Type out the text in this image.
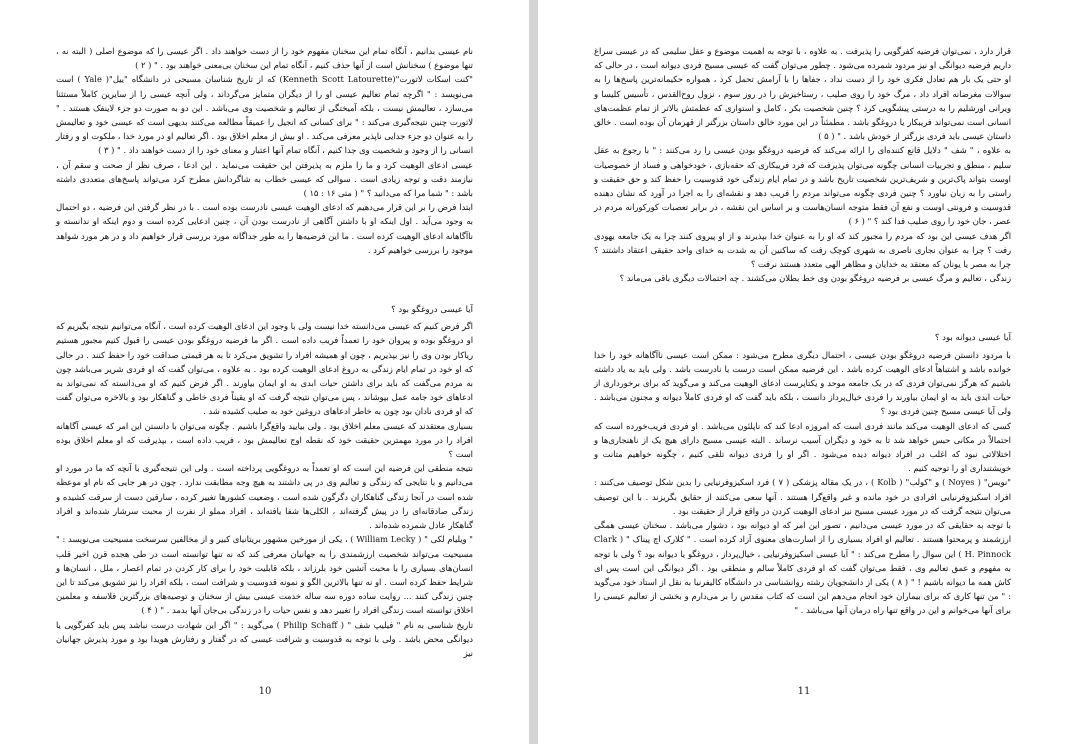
نام عیسی بدانیم ، آنگاه تمام این سخنان مفهوم خود را از دست خواهند داد . اگر عیسی را که موضوع اصلی ( البته نه ، تنها موضوع ) سخنانش است از آنها حذف کنیم ، آنگاه تمام این سخنان بی‌معنی خواهند بود . " ( ۲ )

"کنت اسکات لاتورت"(Kenneth Scott Latourette) که از تاریخ شناسان مسیحی در دانشگاه "ییل"( Yale ) است می‌نویسد : " اگرچه تمام تعالیم عیسی او را از دیگران متمایز می‌گرداند ، ولی آنچه عیسی را از سایرین کاملاً مستثنا می‌سازد ، تعالیمش نیست ، بلکه آمیختگی از تعالیم و شخصیت وی می‌باشد . این دو به صورت دو جزء لاینفک هستند . " لاتورت چنین نتیجه‌گیری می‌کند : " برای کسانی که انجیل را عمیقاً مطالعه می‌کنند بدیهی است که عیسی خود و تعالیمش را به عنوان دو جزء جدایی ناپذیر معرفی می‌کند . او بیش از معلم اخلاق بود . اگر تعالیم او در مورد خدا ، ملکوت او و رفتار انسانی را از وجود و شخصیت وی جدا کنیم ، آنگاه تمام آنها اعتبار و معنای خود را از دست خواهند داد . " ( ۳ )

عیسی ادعای الوهیت کرد و ما را ملزم به پذیرفتن این حقیقت می‌نماید . این ادعا ، صرف نظر از صحت و سقم آن ، نیازمند دقت و توجه زیادی است . سوالی که عیسی خطاب به شاگردانش مطرح کرد می‌تواند پاسخ‌های متعددی داشته باشد : " شما مرا که می‌دانید ؟ " ( متی ۱۶ : ۱۵ )

ابتدا فرض را بر این قرار می‌دهیم که ادعای الوهیت عیسی نادرست بوده است . با در نظر گرفتن این فرضیه ، دو احتمال به وجود می‌آید . اول اینکه او با داشتن آگاهی از نادرست بودن آن ، چنین ادعایی کرده است و دوم اینکه او ندانسته و ناآگاهانه ادعای الوهیت کرده است . ما این فرضیه‌ها را به طور جداگانه مورد بررسی قرار خواهیم داد و در هر مورد شواهد موجود را بررسی خواهیم کرد .

آیا عیسی دروغگو بود ؟

اگر فرض کنیم که عیسی می‌دانسته خدا نیست ولی با وجود این ادعای الوهیت کرده است ، آنگاه می‌توانیم نتیجه بگیریم که او دروغگو بوده و پیروان خود را تعمداً فریب داده است . اگر ما فرضیه دروغگو بودن عیسی را قبول کنیم مجبور هستیم ریاکار بودن وی را نیز بپذیریم ، چون او همیشه افراد را تشویق می‌کرد تا به هر قیمتی صداقت خود را حفظ کنند . در حالی که او خود در تمام ایام زندگی به دروغ ادعای الوهیت کرده بود . به علاوه ، می‌توان گفت که او فردی شریر می‌باشد چون به مردم می‌گفت که باید برای داشتن حیات ابدی به او ایمان بیاورند . اگر فرض کنیم که او می‌دانسته که نمی‌تواند به ادعاهای خود جامه عمل بپوشاند ، پس می‌توان نتیجه گرفت که او یقیناً فردی خاطی و گناهکار بود و بالاخره می‌توان گفت که او فردی نادان بود چون به خاطر ادعاهای دروغین خود به صلیب کشیده شد .

بسیاری معتقدند که عیسی معلم اخلاق بود . ولی بیایید واقع‌گرا باشیم . چگونه می‌توان با دانستن این امر که عیسی آگاهانه افراد را در مورد مهمترین حقیقت خود که نقطه اوج تعالیمش بود ، فریب داده است ، بپذیرفت که او معلم اخلاق بوده است ؟

نتیجه منطقی این فرضیه این است که او تعمداً به دروغگویی پرداخته است . ولی این نتیجه‌گیری با آنچه که ما در مورد او می‌دانیم و با نتایجی که زندگی و تعالیم وی در پی داشتند به هیچ وجه مطابقت ندارد . چون در هر جایی که نام او موعظه شده است در آنجا زندگی گناهکاران دگرگون شده است ، وضعیت کشورها تغییر کرده ، سارقین دست از سرقت کشیده و زندگی صادقانه‌ای را در پیش گرفته‌اند ، الکلی‌ها شفا یافته‌اند ، افراد مملو از نفرت از محبت سرشار شده‌اند و افراد گناهکار عادل شمرده شده‌اند .

" ویلیام لکی " ( William Lecky ) ، یکی از مورخین مشهور بریتانیای کبیر و از مخالفین سرسخت مسیحیت می‌نویسد : " مسیحیت می‌تواند شخصیت ارزشمندی را به جهانیان معرفی کند که نه تنها توانسته است در طی هجده قرن اخیر قلب انسان‌های بسیاری را با محبت آتشین خود بلرزاند ، بلکه قابلیت خود را برای کار کردن در تمام اعصار ، ملل ، انسان‌ها و شرایط حفظ کرده است . او نه تنها بالاترین الگو و نمونه قدوسیت و شرافت است ، بلکه افراد را نیز تشویق می‌کند تا این چنین زندگی کنند ... روایت ساده دوره سه ساله خدمت عیسی بیش از سخنان و توصیه‌های بزرگترین فلاسفه و معلمین اخلاق توانسته است زندگی افراد را تغییر دهد و نفس حیات را در زندگی بی‌جان آنها بدمد . " ( ۴ )

تاریخ شناسی به نام " فیلیپ شف " ( Philip Schaff ) می‌گوید : " اگر این شهادت درست نباشد پس باید کفرگویی یا دیوانگی محض باشد . ولی با توجه به قدوسیت و شرافت عیسی که در گفتار و رفتارش هویدا بود و مورد پذیرش جهانیان نیز

10

قرار دارد ، نمی‌توان فرضیه کفرگویی را پذیرفت . به علاوه ، با توجه به اهمیت موضوع و عقل سلیمی که در عیسی سراغ داریم فرضیه دیوانگی او نیز مردود شمرده می‌شود . چطور می‌توان گفت که عیسی مسیح فردی دیوانه است ، در حالی که او حتی یک بار هم تعادل فکری خود را از دست نداد ، جفاها را با آرامش تحمل کرد ، همواره حکیمانه‌ترین پاسخ‌ها را به سوالات مغرضانه افراد داد ، مرگ خود را روی صلیب ، رستاخیزش را در روز سوم ، نزول روح‌القدس ، تأسیس کلیسا و ویرانی اورشلیم را به درستی پیشگویی کرد ؟ چنین شخصیت بکر ، کامل و استواری که عظمتش بالاتر از تمام عظمت‌های انسانی است نمی‌تواند فریبکار یا دروغگو باشد . مطمئناً در این مورد خالق داستان بزرگتر از قهرمان آن بوده است . خالق داستان عیسی باید فردی بزرگتر از خودش باشد . " ( ۵ )

به علاوه ، " شف " دلایل قانع کننده‌ای را ارائه می‌کند که فرضیه دروغگو بودن عیسی را رد می‌کنند : " با رجوع به عقل سلیم ، منطق و تجربیات انسانی چگونه می‌توان پذیرفت که فرد فریبکاری که حقه‌بازی ، خودخواهی و فساد از خصوصیات اوست بتواند پاک‌ترین و شریف‌ترین شخصیت تاریخ باشد و در تمام ایام زندگی خود قدوسیت را حفظ کند و حق حقیقت و راستی را به زبان نیاورد ؟ چنین فردی چگونه می‌تواند مردم را فریب دهد و نقشه‌ای را به اجرا در آورد که نشان دهنده قدوسیت و فرونتی اوست و نفع آن فقط متوجه انسان‌هاست و بر اساس این نقشه ، در برابر تعصبات کورکورانه مردم در عصر ، جان خود را روی صلیب فدا کند ؟ " ( ۶ )

اگر هدف عیسی این بود که مردم را مجبور کند که او را به عنوان خدا بپذیرند و از او پیروی کنند چرا به یک جامعه یهودی رفت ؟ چرا به عنوان نجاری ناصری به شهری کوچک رفت که ساکنین آن به شدت به خدای واحد حقیقی اعتقاد داشتند ؟ چرا به مصر یا یونان که معتقد به خدایان و مظاهر الهی متعدد هستند نرفت ؟

زندگی ، تعالیم و مرگ عیسی بر فرضیه دروغگو بودن وی خط بطلان می‌کشند . چه احتمالات دیگری باقی می‌ماند ؟

آیا عیسی دیوانه بود ؟

با مردود دانستن فرضیه دروغگو بودن عیسی ، احتمال دیگری مطرح می‌شود : ممکن است عیسی ناآگاهانه خود را خدا خوانده باشد و اشتباهاً ادعای الوهیت کرده باشد . این فرضیه ممکن است درست یا نادرست باشد . ولی باید به یاد داشته باشیم که هرگز نمی‌توان فردی که در یک جامعه موحد و یکتاپرست ادعای الوهیت می‌کند و می‌گوید که برای برخورداری از حیات ابدی باید به او ایمان بیاورند را فردی خیال‌پرداز دانست ، بلکه باید گفت که او فردی کاملاً دیوانه و مجنون می‌باشد . ولی آیا عیسی مسیح چنین فردی بود ؟

کسی که ادعای الوهیت می‌کند مانند فردی است که امروزه ادعا کند که ناپلئون می‌باشد . او فردی فریب‌خورده است که احتمالاً در مکانی حبس خواهد شد تا به خود و دیگران آسیب نرساند . البته عیسی مسیح دارای هیچ یک از ناهنجاری‌ها و اختلالاتی نبود که اغلب در افراد دیوانه دیده می‌شود . اگر او را فردی دیوانه تلقی کنیم ، چگونه خواهیم متانت و خویشتنداری او را توجیه کنیم .

"نویس" ( Noyes ) و "کولب" ( Kolb ) ، در یک مقاله پزشکی ( ۷ ) فرد اسکیزوفرنیایی را بدین شکل توصیف می‌کنند : افراد اسکیزوفرنیایی افرادی در خود مانده و غیر واقع‌گرا هستند . آنها سعی می‌کنند از حقایق بگریزند . با این توصیف می‌توان نتیجه گرفت که در مورد عیسی مسیح نیز ادعای الوهیت کردن در واقع فرار از حقیقت بود .

با توجه به حقایقی که در مورد عیسی می‌دانیم ، تصور این امر که او دیوانه بود ، دشوار می‌باشد . سخنان عیسی همگی ارزشمند و پرمحتوا هستند . تعالیم او افراد بسیاری را از اسارت‌های معنوی آزاد کرده است . " کلارک اچ پیناک " ( Clark H. Pinnock ) این سوال را مطرح می‌کند : " آیا عیسی اسکیزوفرنیایی ، خیال‌پرداز ، دروغگو یا دیوانه بود ؟ ولی با توجه به مفهوم و عمق تعالیم وی ، فقط می‌توان گفت که او فردی کاملاً سالم و منطقی بود . اگر دیوانگی این است پس ای کاش همه ما دیوانه باشیم ! " ( ۸ ) یکی از دانشجویان رشته روانشناسی در دانشگاه کالیفرنیا به نقل از استاد خود می‌گوید : " من تنها کاری که برای بیماران خود انجام می‌دهم این است که کتاب مقدس را بر می‌دارم و بخشی از تعالیم عیسی را برای آنها می‌خوانم و این در واقع تنها راه درمان آنها می‌باشد . "

11
